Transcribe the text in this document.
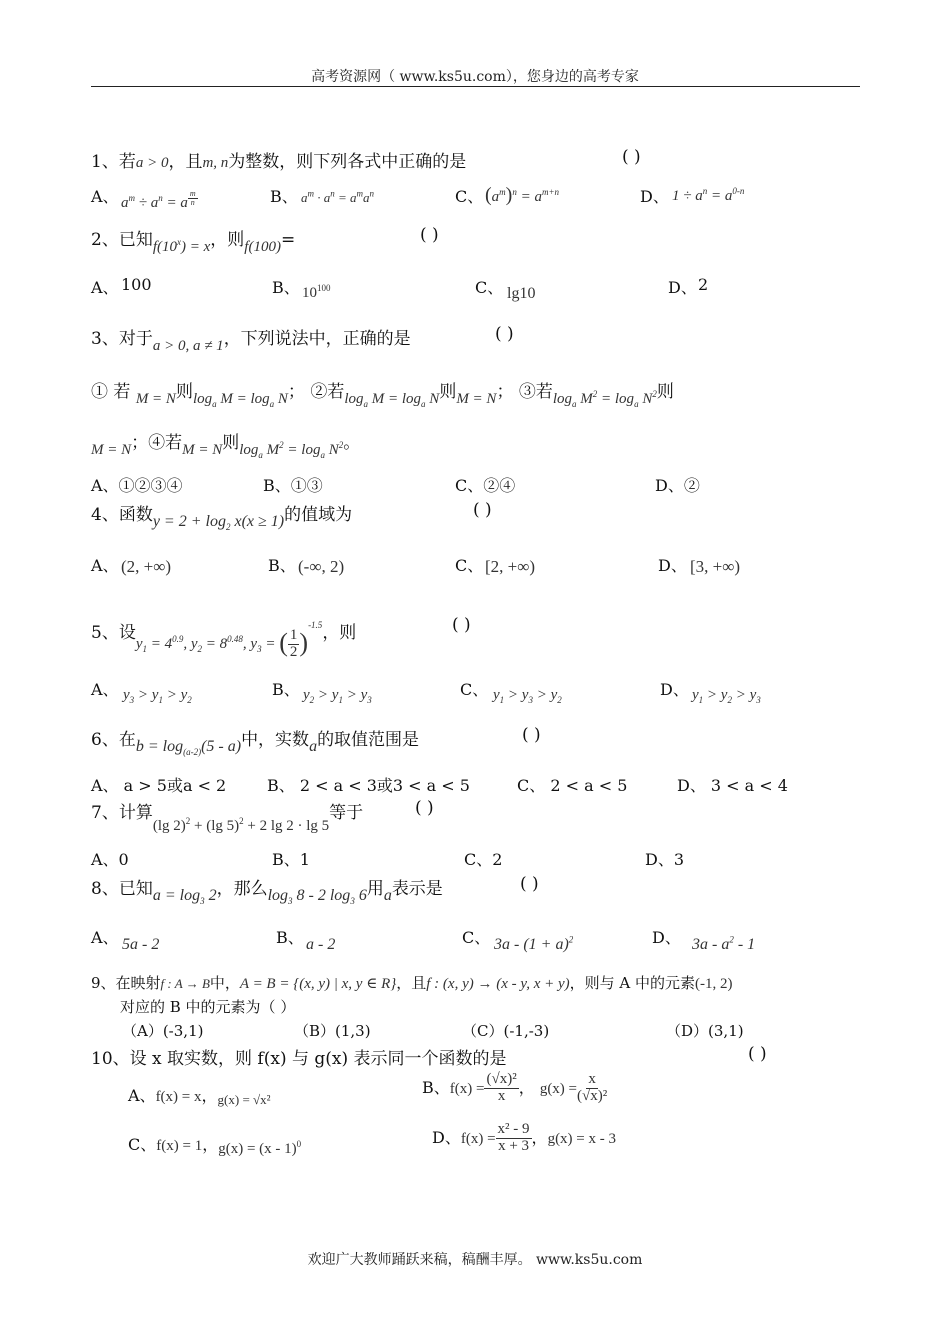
高考资源网（ www.ks5u.com），您身边的高考专家
1、若a > 0，且m, n为整数，则下列各式中正确的是	( )
A、 $a^m \div a^n = a$ $^{\frac{m}{n}}$	B、 $a^m \cdot a^n = a^ma^n$	C、 $(a^m)^n = a^{m+n}$	D、 $1 \div a^n = a^{0-n}$
2、已知$f(10^x) = x$，则f(100)=	( )
A、 100	B、 $10^{100}$	C、 lg10	D、 2
3、对于a > 0, a ≠ 1，下列说法中，正确的是	( )
① 若 M = N则$\log_a M = \log_a N$； ②若$\log_a M = \log_a N$则M = N； ③若$\log_a M^2 = \log_a N^2$则
M = N；④若M = N则$\log_a M^2 = \log_a N^2$。
A、①②③④	B、①③	C、②④	D、②
4、函数$y = 2 + \log_2 x(x \ge 1)$的值域为	( )
A、 (2, +∞)	B、 (-∞, 2)	C、 [2, +∞)	D、 [3, +∞)
5、设$y_1 = 4^{0.9}$, $y_2 = 8^{0.48}$, $y_3$ = ( $\frac{1}{2} )^{-1.5}$，则	( )
A、 $y_3 > y_1 > y_2$
B、 $y_2 > y_1 > y_3$
C、 $y_1 > y_3 > y_2$
D、 $y_1 > y_2 > y_3$
6、在$b = \log_{(a-2)}(5 - a)$中，实数a的取值范围是	( )
A、 a > 5或a < 2	B、 2 < a < 3或3 < a < 5	C、 2 < a < 5	D、 3 < a < 4
7、计算(lg 2)$^2$ + (lg 5)$^2$ + 2 lg 2 · lg 5等于	( )
A、0	B、1	C、2	D、3
8、已知$a = \log_3 2$，那么$\log_3 8 - 2$ $\log_3 6$用a表示是	( )
A、 5a - 2	B、 a - 2	C、 $3a - (1 + a)^2$	D、 $3a - a^2 - 1$
9、在映射f : A → B中，A = B = {(x, y) | x, y ∈ R}，且f : (x, y) → (x - y, x + y)，则与 A 中的元素(-1, 2)
对应的 B 中的元素为（ ）
（A）(-3,1)	（B）(1,3)	（C）(-1,-3)	（D）(3,1)
10、设 x 取实数，则 f(x) 与 g(x) 表示同一个函数的是	( )
A、f(x) = x，g(x) = √x²
B、$f(x) = \frac{\text{(√x)²}}{x}$ ， $g(x) = \frac{x}{\text{(√x)²}}$
C、f(x) = 1，g(x) = (x - 1)$^0$	D、$f(x) = \frac{\text{x² - 9}}{x + 3}$ ，g(x) = x - 3
欢迎广大教师踊跃来稿，稿酬丰厚。 www.ks5u.com
